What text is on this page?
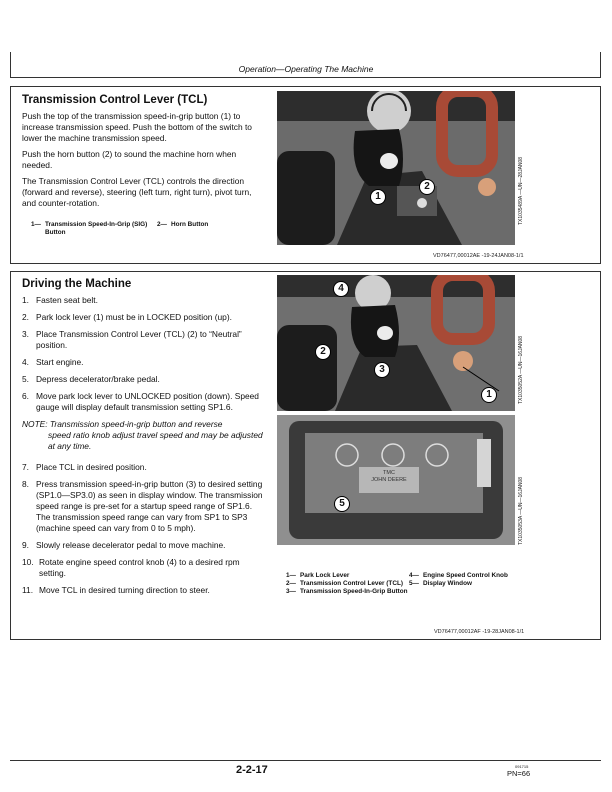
Operation—Operating The Machine
Transmission Control Lever (TCL)

Push the top of the transmission speed-in-grip button (1) to increase transmission speed. Push the bottom of the switch to lower the machine transmission speed.

Push the horn button (2) to sound the machine horn when needed.

The Transmission Control Lever (TCL) controls the direction (forward and reverse), steering (left turn, right turn), pivot turn, and counter-rotation.

1— Transmission Speed-In-Grip (SIG) Button
2— Horn Button
1
2	TX1035489A —UN—28JAN08
VD76477,00012AE -19-24JAN08-1/1
Driving the Machine
1. Fasten seat belt.
2. Park lock lever (1) must be in LOCKED position (up).
3. Place Transmission Control Lever (TCL) (2) to “Neutral” position.
4. Start engine.
5. Depress decelerator/brake pedal.
6. Move park lock lever to UNLOCKED position (down). Speed gauge will display default transmission setting SP1.6.
NOTE: Transmission speed-in-grip button and reverse
speed ratio knob adjust travel speed and may be adjusted at any time.
7. Place TCL in desired position.
8. Press transmission speed-in-grip button (3) to desired setting (SP1.0—SP3.0) as seen in display window. The transmission speed range is pre-set for a startup speed range of SP1.6. The transmission speed range can vary from SP1 to SP3 (machine speed can vary from 0 to 5 mph).
9. Slowly release decelerator pedal to move machine.
10. Rotate engine speed control knob (4) to a desired rpm setting.
11. Move TCL in desired turning direction to steer.
4
2
3
1	TX1035052A —UN—16JAN08
TMC
JOHN DEERE
5	TX1035053A —UN—16JAN08
1— Park Lock Lever
2— Transmission Control Lever (TCL)
3— Transmission Speed-In-Grip Button
4— Engine Speed Control Knob
5— Display Window
VD76477,00012AF -19-28JAN08-1/1
2-2-17	091715
PN=66
